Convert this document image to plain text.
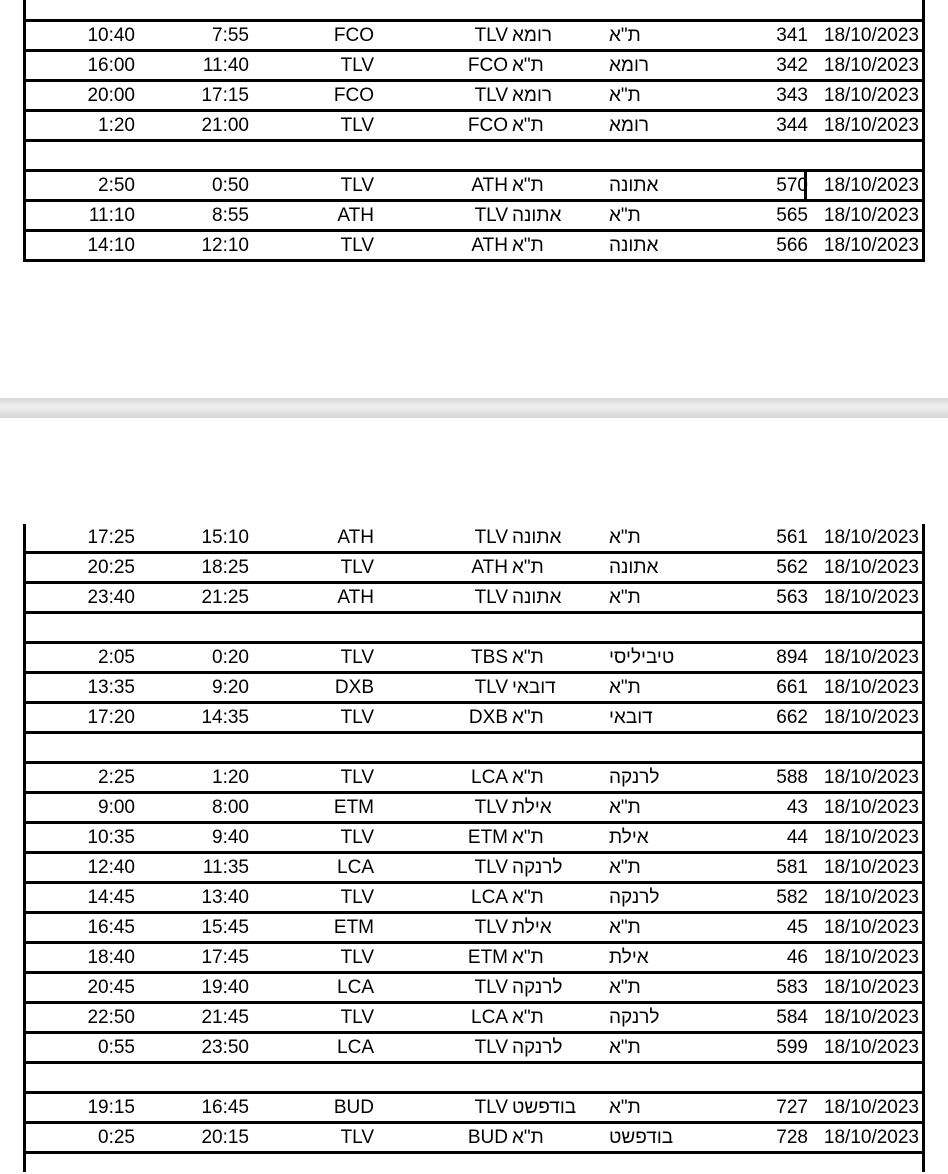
18/10/2023
341
ת"א
רומא
TLV
FCO
7:55
10:40
18/10/2023
342
רומא
ת"א
FCO
TLV
11:40
16:00
18/10/2023
343
ת"א
רומא
TLV
FCO
17:15
20:00
18/10/2023
344
רומא
ת"א
FCO
TLV
21:00
1:20
18/10/2023
570
אתונה
ת"א
ATH
TLV
0:50
2:50
18/10/2023
565
ת"א
אתונה
TLV
ATH
8:55
11:10
18/10/2023
566
אתונה
ת"א
ATH
TLV
12:10
14:10
18/10/2023
561
ת"א
אתונה
TLV
ATH
15:10
17:25
18/10/2023
562
אתונה
ת"א
ATH
TLV
18:25
20:25
18/10/2023
563
ת"א
אתונה
TLV
ATH
21:25
23:40
18/10/2023
894
טיביליסי
ת"א
TBS
TLV
0:20
2:05
18/10/2023
661
ת"א
דובאי
TLV
DXB
9:20
13:35
18/10/2023
662
דובאי
ת"א
DXB
TLV
14:35
17:20
18/10/2023
588
לרנקה
ת"א
LCA
TLV
1:20
2:25
18/10/2023
43
ת"א
אילת
TLV
ETM
8:00
9:00
18/10/2023
44
אילת
ת"א
ETM
TLV
9:40
10:35
18/10/2023
581
ת"א
לרנקה
TLV
LCA
11:35
12:40
18/10/2023
582
לרנקה
ת"א
LCA
TLV
13:40
14:45
18/10/2023
45
ת"א
אילת
TLV
ETM
15:45
16:45
18/10/2023
46
אילת
ת"א
ETM
TLV
17:45
18:40
18/10/2023
583
ת"א
לרנקה
TLV
LCA
19:40
20:45
18/10/2023
584
לרנקה
ת"א
LCA
TLV
21:45
22:50
18/10/2023
599
ת"א
לרנקה
TLV
LCA
23:50
0:55
18/10/2023
727
ת"א
בודפשט
TLV
BUD
16:45
19:15
18/10/2023
728
בודפשט
ת"א
BUD
TLV
20:15
0:25
